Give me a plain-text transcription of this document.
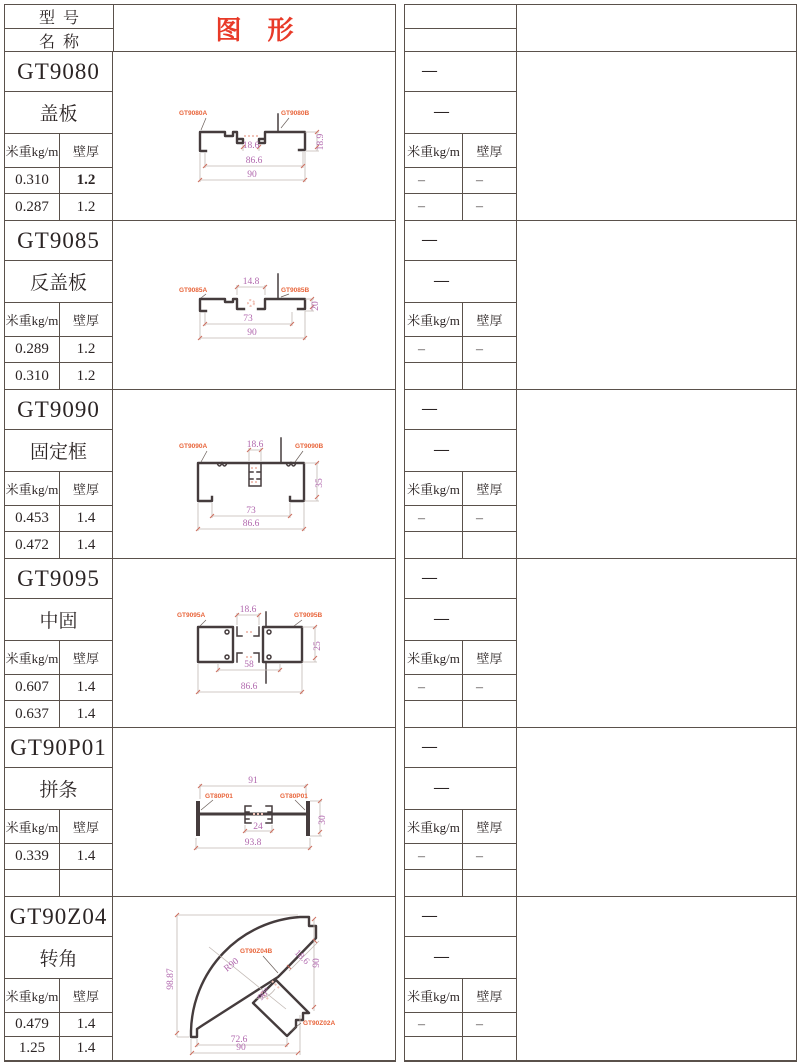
型  号
名  称	图    形
GT9080
盖板
米重kg/m	壁厚
0.310	1.2
0.287	1.2
18.6
86.6
90
18.9
GT9080A	GT9080B
GT9085
反盖板
米重kg/m	壁厚
0.289	1.2
0.310	1.2
14.8
73
90
20
GT9085A	GT9085B
GT9090
固定框
米重kg/m	壁厚
0.453	1.4
0.472	1.4
18.6
73
86.6
35
GT9090A	GT9090B
GT9095
中固
米重kg/m	壁厚
0.607	1.4
0.637	1.4
18.6
58
86.6
25
GT9095A	GT9095B
GT90P01
拼条
米重kg/m	壁厚
0.339	1.4
91
24
93.8
30
GT80P01	GT80P01
GT90Z04
转角
米重kg/m	壁厚
0.479	1.4
1.25	1.4
98.87
R90	18.6 90
90°
72.6
90
GT90Z04B
GT90Z02A
—
—
米重kg/m	壁厚
–	–
–	–
—
—
米重kg/m	壁厚
–	–
—
—
米重kg/m	壁厚
–	–
—
—
米重kg/m	壁厚
–	–
—
—
米重kg/m	壁厚
–	–
—
—
米重kg/m	壁厚
–	–
